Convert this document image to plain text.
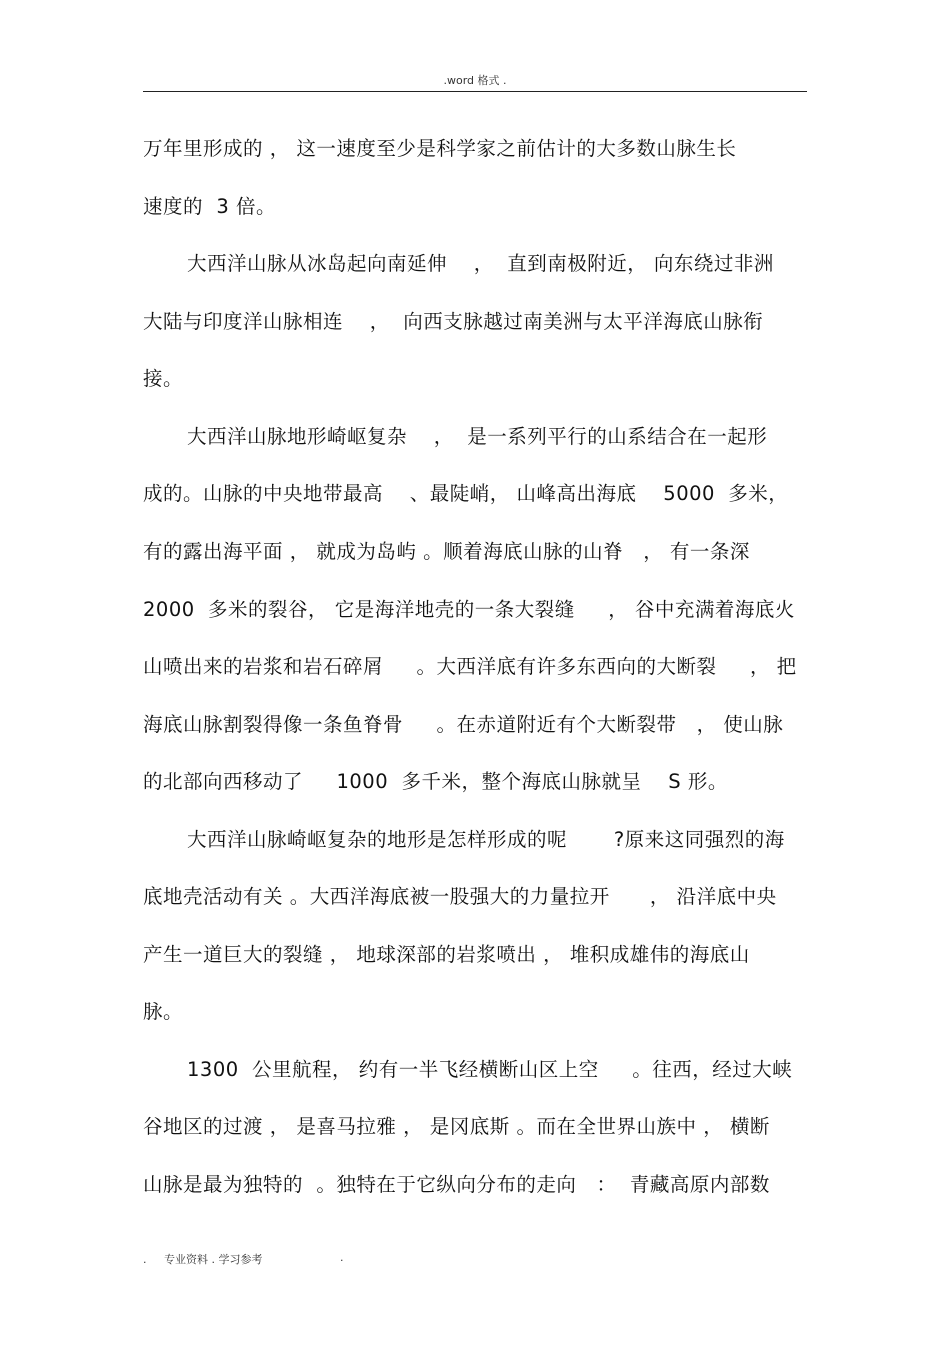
.word 格式 .
万年里形成的 ， 这一速度至少是科学家之前估计的大多数山脉生长
速度的  3 倍。
大西洋山脉从冰岛起向南延伸    ，  直到南极附近， 向东绕过非洲
大陆与印度洋山脉相连    ，  向西支脉越过南美洲与太平洋海底山脉衔
接。
大西洋山脉地形崎岖复杂    ，  是一系列平行的山系结合在一起形
成的。山脉的中央地带最高    、最陡峭， 山峰高出海底    5000  多米，
有的露出海平面 ， 就成为岛屿 。顺着海底山脉的山脊   ， 有一条深
2000  多米的裂谷， 它是海洋地壳的一条大裂缝     ， 谷中充满着海底火
山喷出来的岩浆和岩石碎屑     。大西洋底有许多东西向的大断裂     ， 把
海底山脉割裂得像一条鱼脊骨     。在赤道附近有个大断裂带   ， 使山脉
的北部向西移动了     1000  多千米，整个海底山脉就呈    S 形。
大西洋山脉崎岖复杂的地形是怎样形成的呢       ?原来这同强烈的海
底地壳活动有关 。大西洋海底被一股强大的力量拉开      ， 沿洋底中央
产生一道巨大的裂缝 ， 地球深部的岩浆喷出 ， 堆积成雄伟的海底山
脉。
1300  公里航程， 约有一半飞经横断山区上空     。往西，经过大峡
谷地区的过渡 ， 是喜马拉雅 ， 是冈底斯 。而在全世界山族中 ， 横断
山脉是最为独特的  。独特在于它纵向分布的走向   ：  青藏高原内部数
.     专业资料 . 学习参考	.
